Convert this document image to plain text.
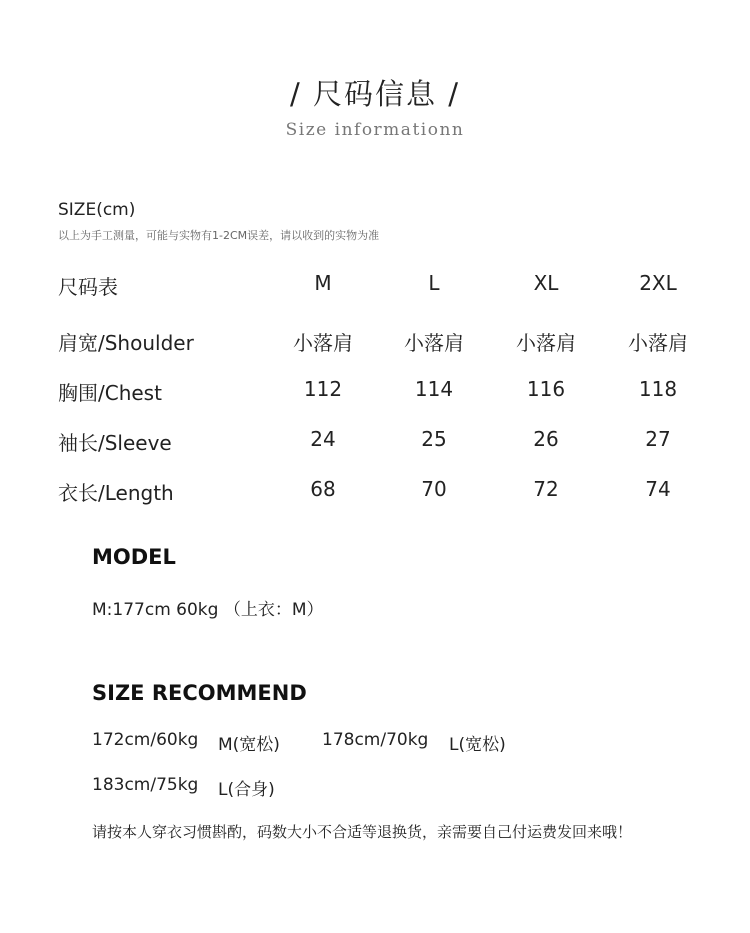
/ 尺码信息 /
Size informationn
SIZE(cm)
以上为手工测量，可能与实物有1-2CM误差，请以收到的实物为准
尺码表	M	L	XL	2XL
肩宽/Shoulder	小落肩	小落肩	小落肩	小落肩
胸围/Chest	112	114	116	118
袖长/Sleeve	24	25	26	27
衣长/Length	68	70	72	74
MODEL
M:177cm 60kg （上衣：M）
SIZE RECOMMEND
172cm/60kg M(宽松) 178cm/70kg L(宽松)
183cm/75kg L(合身)
请按本人穿衣习惯斟酌，码数大小不合适等退换货，亲需要自己付运费发回来哦！
